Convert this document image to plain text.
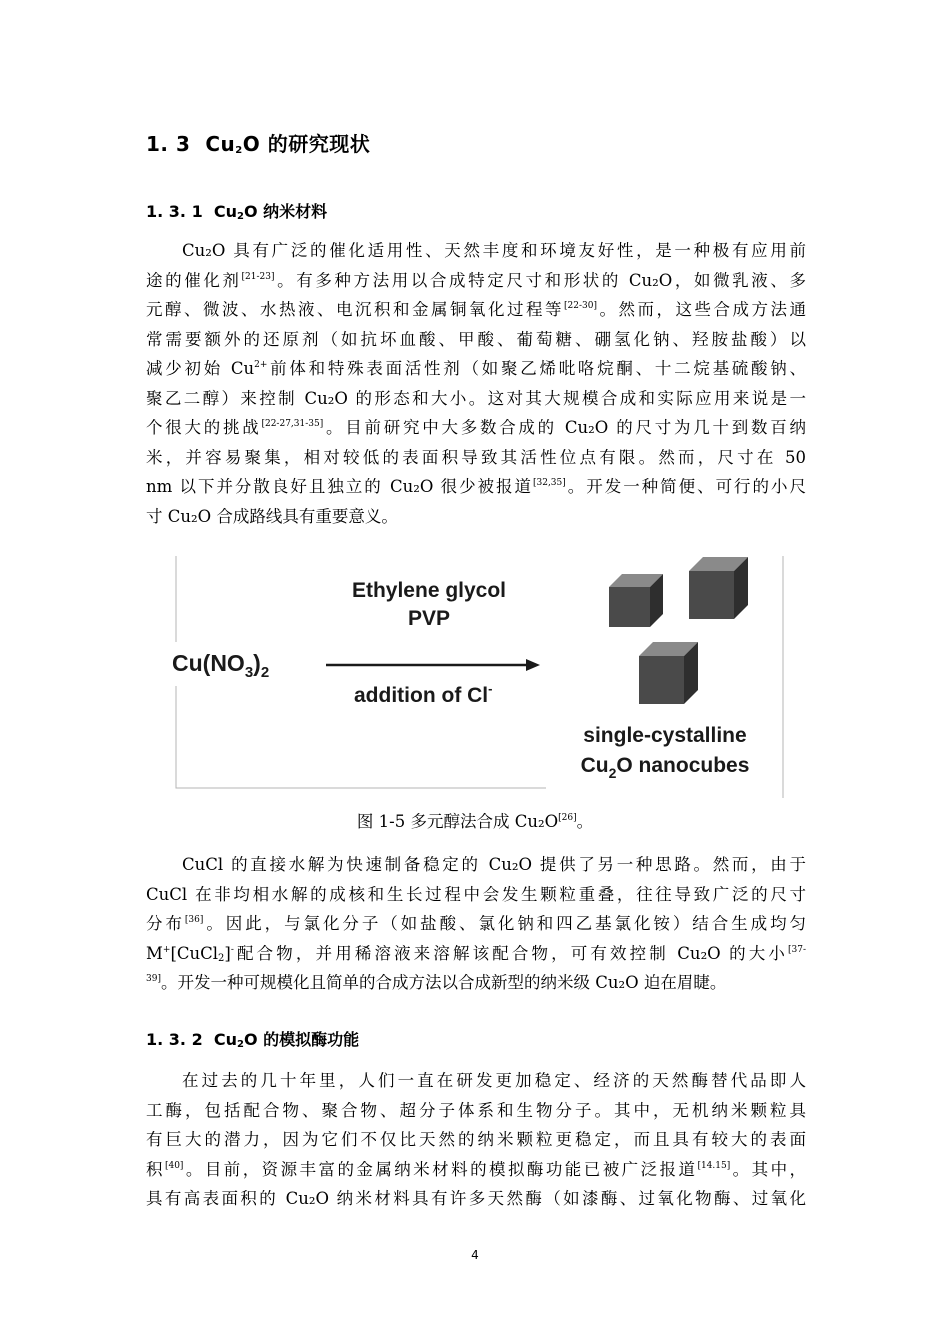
1. 3 $Cu_2O$ 的研究现状
1. 3. 1 $Cu_2O$ 纳米材料
Cu₂O 具有广泛的催化适用性、天然丰度和环境友好性，是一种极有应用前
途的催化剂[21-23]。有多种方法用以合成特定尺寸和形状的 Cu₂O，如微乳液、多
元醇、微波、水热液、电沉积和金属铜氧化过程等[22-30]。然而，这些合成方法通
常需要额外的还原剂（如抗坏血酸、甲酸、葡萄糖、硼氢化钠、羟胺盐酸）以
减少初始 $Cu^{2+}$前体和特殊表面活性剂（如聚乙烯吡咯烷酮、十二烷基硫酸钠、
聚乙二醇）来控制 Cu₂O 的形态和大小。这对其大规模合成和实际应用来说是一
个很大的挑战[22-27,31-35]。目前研究中大多数合成的 Cu₂O 的尺寸为几十到数百纳
米，并容易聚集，相对较低的表面积导致其活性位点有限。然而，尺寸在 50
nm 以下并分散良好且独立的 Cu₂O 很少被报道[32,35]。开发一种简便、可行的小尺
寸 Cu₂O 合成路线具有重要意义。
$Cu(NO_3)_2$
Ethylene glycol
PVP
addition of Cl-
single-cystalline
$Cu_2O$ nanocubes
图 1-5 多元醇法合成 Cu₂O[26]。
CuCl 的直接水解为快速制备稳定的 Cu₂O 提供了另一种思路。然而，由于
CuCl 在非均相水解的成核和生长过程中会发生颗粒重叠，往往导致广泛的尺寸
分布[36]。因此，与氯化分子（如盐酸、氯化钠和四乙基氯化铵）结合生成均匀
M+[CuCl$_2$]-配合物，并用稀溶液来溶解该配合物，可有效控制 Cu₂O 的大小$^{[37-}$
$^{39]}$。开发一种可规模化且简单的合成方法以合成新型的纳米级 Cu₂O 迫在眉睫。
1. 3. 2 $Cu_2O$ 的模拟酶功能
在过去的几十年里，人们一直在研发更加稳定、经济的天然酶替代品即人
工酶，包括配合物、聚合物、超分子体系和生物分子。其中，无机纳米颗粒具
有巨大的潜力，因为它们不仅比天然的纳米颗粒更稳定，而且具有较大的表面
积[40]。目前，资源丰富的金属纳米材料的模拟酶功能已被广泛报道[14.15]。其中，
具有高表面积的 Cu₂O 纳米材料具有许多天然酶（如漆酶、过氧化物酶、过氧化
4
